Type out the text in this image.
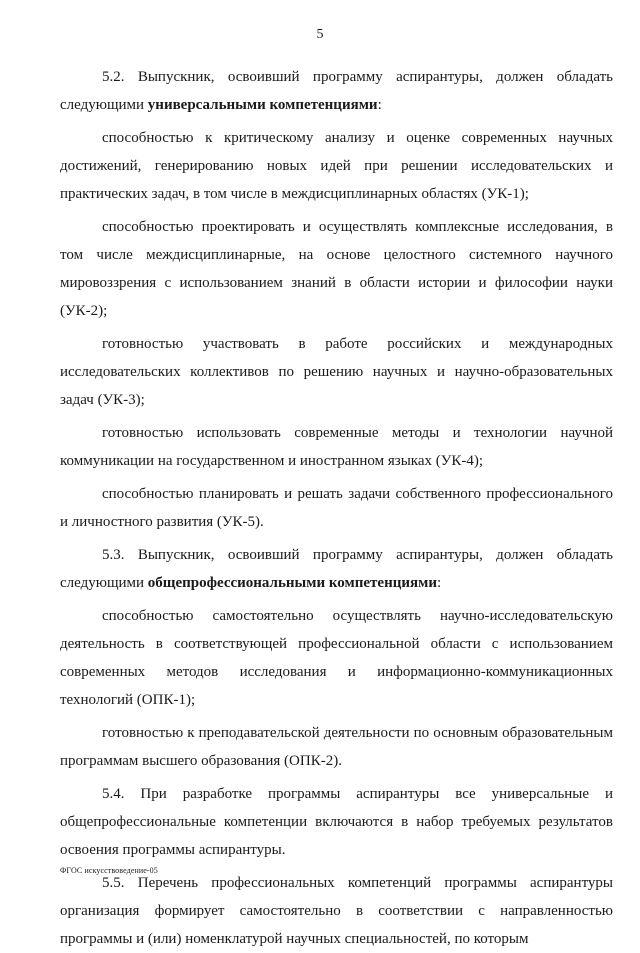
5

5.2. Выпускник, освоивший программу аспирантуры, должен обладать следующими универсальными компетенциями:

способностью к критическому анализу и оценке современных научных достижений, генерированию новых идей при решении исследовательских и практических задач, в том числе в междисциплинарных областях (УК-1);

способностью проектировать и осуществлять комплексные исследования, в том числе междисциплинарные, на основе целостного системного научного мировоззрения с использованием знаний в области истории и философии науки (УК-2);

готовностью участвовать в работе российских и международных исследовательских коллективов по решению научных и научно-образовательных задач (УК-3);

готовностью использовать современные методы и технологии научной коммуникации на государственном и иностранном языках (УК-4);

способностью планировать и решать задачи собственного профессионального и личностного развития (УК-5).

5.3. Выпускник, освоивший программу аспирантуры, должен обладать следующими общепрофессиональными компетенциями:

способностью самостоятельно осуществлять научно-исследовательскую деятельность в соответствующей профессиональной области с использованием современных методов исследования и информационно-коммуникационных технологий (ОПК-1);

готовностью к преподавательской деятельности по основным образовательным программам высшего образования (ОПК-2).

5.4. При разработке программы аспирантуры все универсальные и общепрофессиональные компетенции включаются в набор требуемых результатов освоения программы аспирантуры.

5.5. Перечень профессиональных компетенций программы аспирантуры организация формирует самостоятельно в соответствии с направленностью программы и (или) номенклатурой научных специальностей, по которым

ФГОС искусствоведение-05
